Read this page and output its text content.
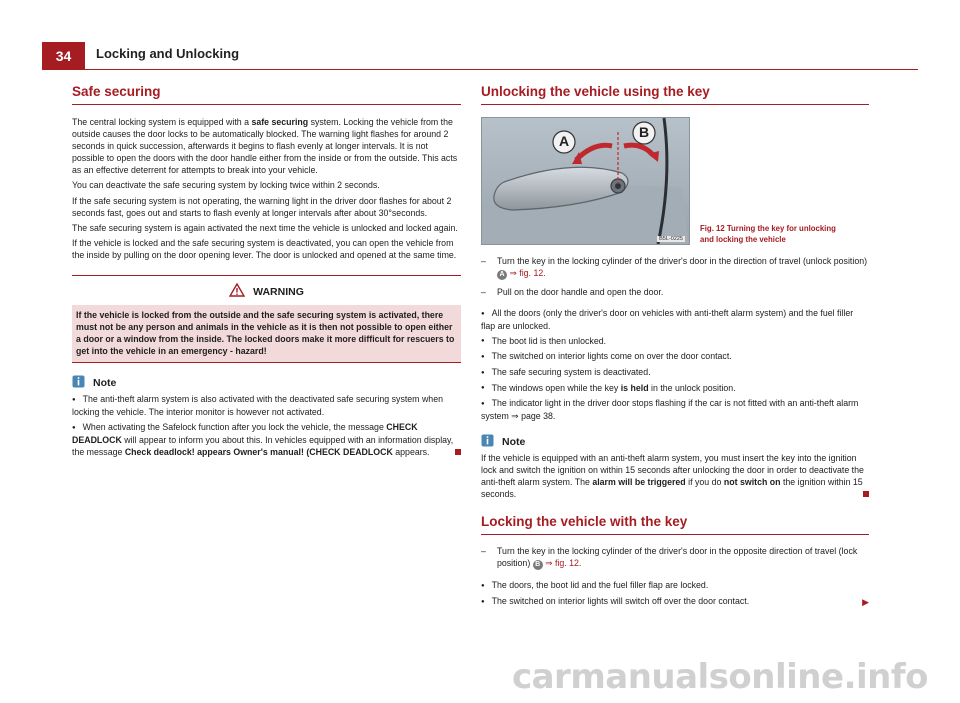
34	Locking and Unlocking
Safe securing

The central locking system is equipped with a safe securing system. Locking the vehicle from the outside causes the door locks to be automatically blocked. The warning light flashes for around 2 seconds in quick succession, afterwards it begins to flash evenly at longer intervals. It is not possible to open the doors with the door handle either from the inside or from the outside. This acts as an effective deterrent for attempts to break into your vehicle.

You can deactivate the safe securing system by locking twice within 2 seconds.

If the safe securing system is not operating, the warning light in the driver door flashes for about 2 seconds fast, goes out and starts to flash evenly at longer intervals after about 30°seconds.

The safe securing system is again activated the next time the vehicle is unlocked and locked again.

If the vehicle is locked and the safe securing system is deactivated, you can open the vehicle from the inside by pulling on the door opening lever. The door is unlocked and opened at the same time.

WARNING
If the vehicle is locked from the outside and the safe securing system is activated, there must not be any person and animals in the vehicle as it is then not possible to open either a door or a window from the inside. The locked doors make it more difficult for rescuers to get into the vehicle in an emergency - hazard!
Note

● The anti-theft alarm system is also activated with the deactivated safe securing system when locking the vehicle. The interior monitor is however not activated.

● When activating the Safelock function after you lock the vehicle, the message CHECK DEADLOCK will appear to inform you about this. In vehicles equipped with an information display, the message Check deadlock! appears Owner's manual! (CHECK DEADLOCK appears.

Unlocking the vehicle using the key
A
B
B5L-0225
Fig. 12 Turning the key for unlocking
and locking the vehicle
–	Turn the key in the locking cylinder of the driver's door in the direction of travel (unlock position) A ⇒ fig. 12.
–	Pull on the door handle and open the door.

● All the doors (only the driver's door on vehicles with anti-theft alarm system) and the fuel filler flap are unlocked.

● The boot lid is then unlocked.

● The switched on interior lights come on over the door contact.

● The safe securing system is deactivated.

● The windows open while the key is held in the unlock position.

● The indicator light in the driver door stops flashing if the car is not fitted with an anti-theft alarm system ⇒ page 38.

Note

If the vehicle is equipped with an anti-theft alarm system, you must insert the key into the ignition lock and switch the ignition on within 15 seconds after unlocking the door in order to deactivate the anti-theft alarm system. The alarm will be triggered if you do not switch on the ignition within 15 seconds.

Locking the vehicle with the key
–	Turn the key in the locking cylinder of the driver's door in the opposite direction of travel (lock position) B ⇒ fig. 12.

● The doors, the boot lid and the fuel filler flap are locked.

● The switched on interior lights will switch off over the door contact.	▶

carmanualsonline.info
